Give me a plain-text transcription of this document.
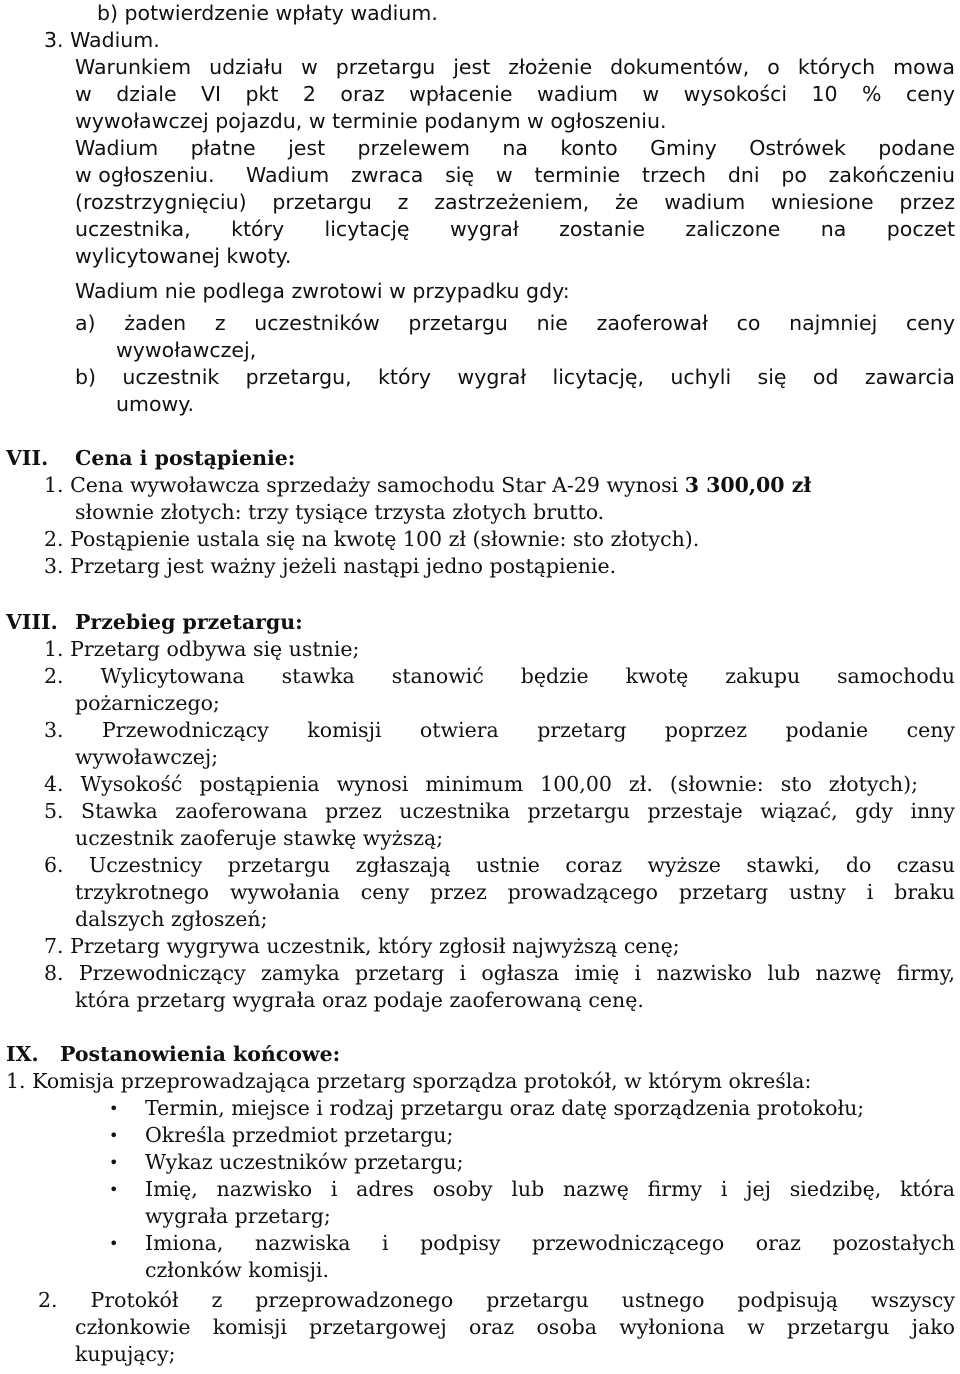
b) potwierdzenie wpłaty wadium.
3. Wadium.
Warunkiem udziału w przetargu jest złożenie dokumentów, o których mowa
w dziale VI pkt 2 oraz wpłacenie wadium w wysokości 10 % ceny
wywoławczej pojazdu, w terminie podanym w ogłoszeniu.
Wadium płatne jest przelewem na konto Gminy Ostrówek podane
w ogłoszeniu. Wadium zwraca się w terminie trzech dni po zakończeniu
(rozstrzygnięciu) przetargu z zastrzeżeniem, że wadium wniesione przez
uczestnika, który licytację wygrał zostanie zaliczone na poczet
wylicytowanej kwoty.
Wadium nie podlega zwrotowi w przypadku gdy:
a) żaden z uczestników przetargu nie zaoferował co najmniej ceny
wywoławczej,
b) uczestnik przetargu, który wygrał licytację, uchyli się od zawarcia
umowy.
VII. Cena i postąpienie:
1. Cena wywoławcza sprzedaży samochodu Star A-29 wynosi 3 300,00 zł
słownie złotych: trzy tysiące trzysta złotych brutto.
2. Postąpienie ustala się na kwotę 100 zł (słownie: sto złotych).
3. Przetarg jest ważny jeżeli nastąpi jedno postąpienie.
VIII. Przebieg przetargu:
1. Przetarg odbywa się ustnie;
2. Wylicytowana stawka stanowić będzie kwotę zakupu samochodu
pożarniczego;
3. Przewodniczący komisji otwiera przetarg poprzez podanie ceny
wywoławczej;
4. Wysokość postąpienia wynosi minimum 100,00 zł. (słownie: sto złotych);
5. Stawka zaoferowana przez uczestnika przetargu przestaje wiązać, gdy inny
uczestnik zaoferuje stawkę wyższą;
6. Uczestnicy przetargu zgłaszają ustnie coraz wyższe stawki, do czasu
trzykrotnego wywołania ceny przez prowadzącego przetarg ustny i braku
dalszych zgłoszeń;
7. Przetarg wygrywa uczestnik, który zgłosił najwyższą cenę;
8. Przewodniczący zamyka przetarg i ogłasza imię i nazwisko lub nazwę firmy,
która przetarg wygrała oraz podaje zaoferowaną cenę.
IX. Postanowienia końcowe:
1. Komisja przeprowadzająca przetarg sporządza protokół, w którym określa:
• Termin, miejsce i rodzaj przetargu oraz datę sporządzenia protokołu;
• Określa przedmiot przetargu;
• Wykaz uczestników przetargu;
• Imię, nazwisko i adres osoby lub nazwę firmy i jej siedzibę, która
wygrała przetarg;
• Imiona, nazwiska i podpisy przewodniczącego oraz pozostałych
członków komisji.
2. Protokół z przeprowadzonego przetargu ustnego podpisują wszyscy
członkowie komisji przetargowej oraz osoba wyłoniona w przetargu jako
kupujący;
